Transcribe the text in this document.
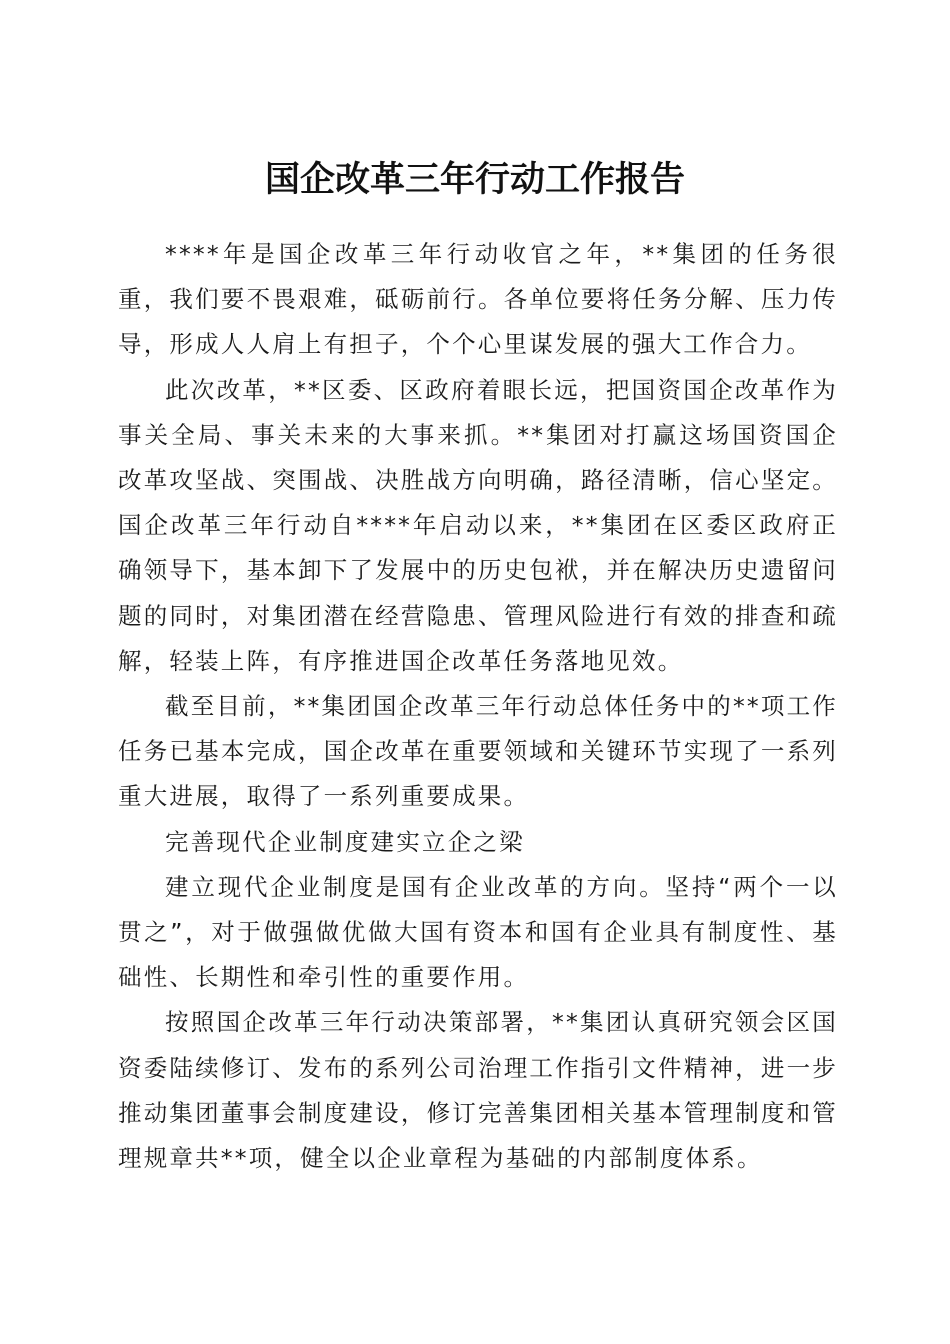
国企改革三年行动工作报告

****年是国企改革三年行动收官之年，**集团的任务很重，我们要不畏艰难，砥砺前行。各单位要将任务分解、压力传导，形成人人肩上有担子，个个心里谋发展的强大工作合力。

此次改革，**区委、区政府着眼长远，把国资国企改革作为事关全局、事关未来的大事来抓。**集团对打赢这场国资国企改革攻坚战、突围战、决胜战方向明确，路径清晰，信心坚定。国企改革三年行动自****年启动以来，**集团在区委区政府正确领导下，基本卸下了发展中的历史包袱，并在解决历史遗留问题的同时，对集团潜在经营隐患、管理风险进行有效的排查和疏解，轻装上阵，有序推进国企改革任务落地见效。

截至目前，**集团国企改革三年行动总体任务中的**项工作任务已基本完成，国企改革在重要领域和关键环节实现了一系列重大进展，取得了一系列重要成果。

完善现代企业制度建实立企之梁

建立现代企业制度是国有企业改革的方向。坚持“两个一以贯之”，对于做强做优做大国有资本和国有企业具有制度性、基础性、长期性和牵引性的重要作用。

按照国企改革三年行动决策部署，**集团认真研究领会区国资委陆续修订、发布的系列公司治理工作指引文件精神，进一步推动集团董事会制度建设，修订完善集团相关基本管理制度和管理规章共**项，健全以企业章程为基础的内部制度体系。
